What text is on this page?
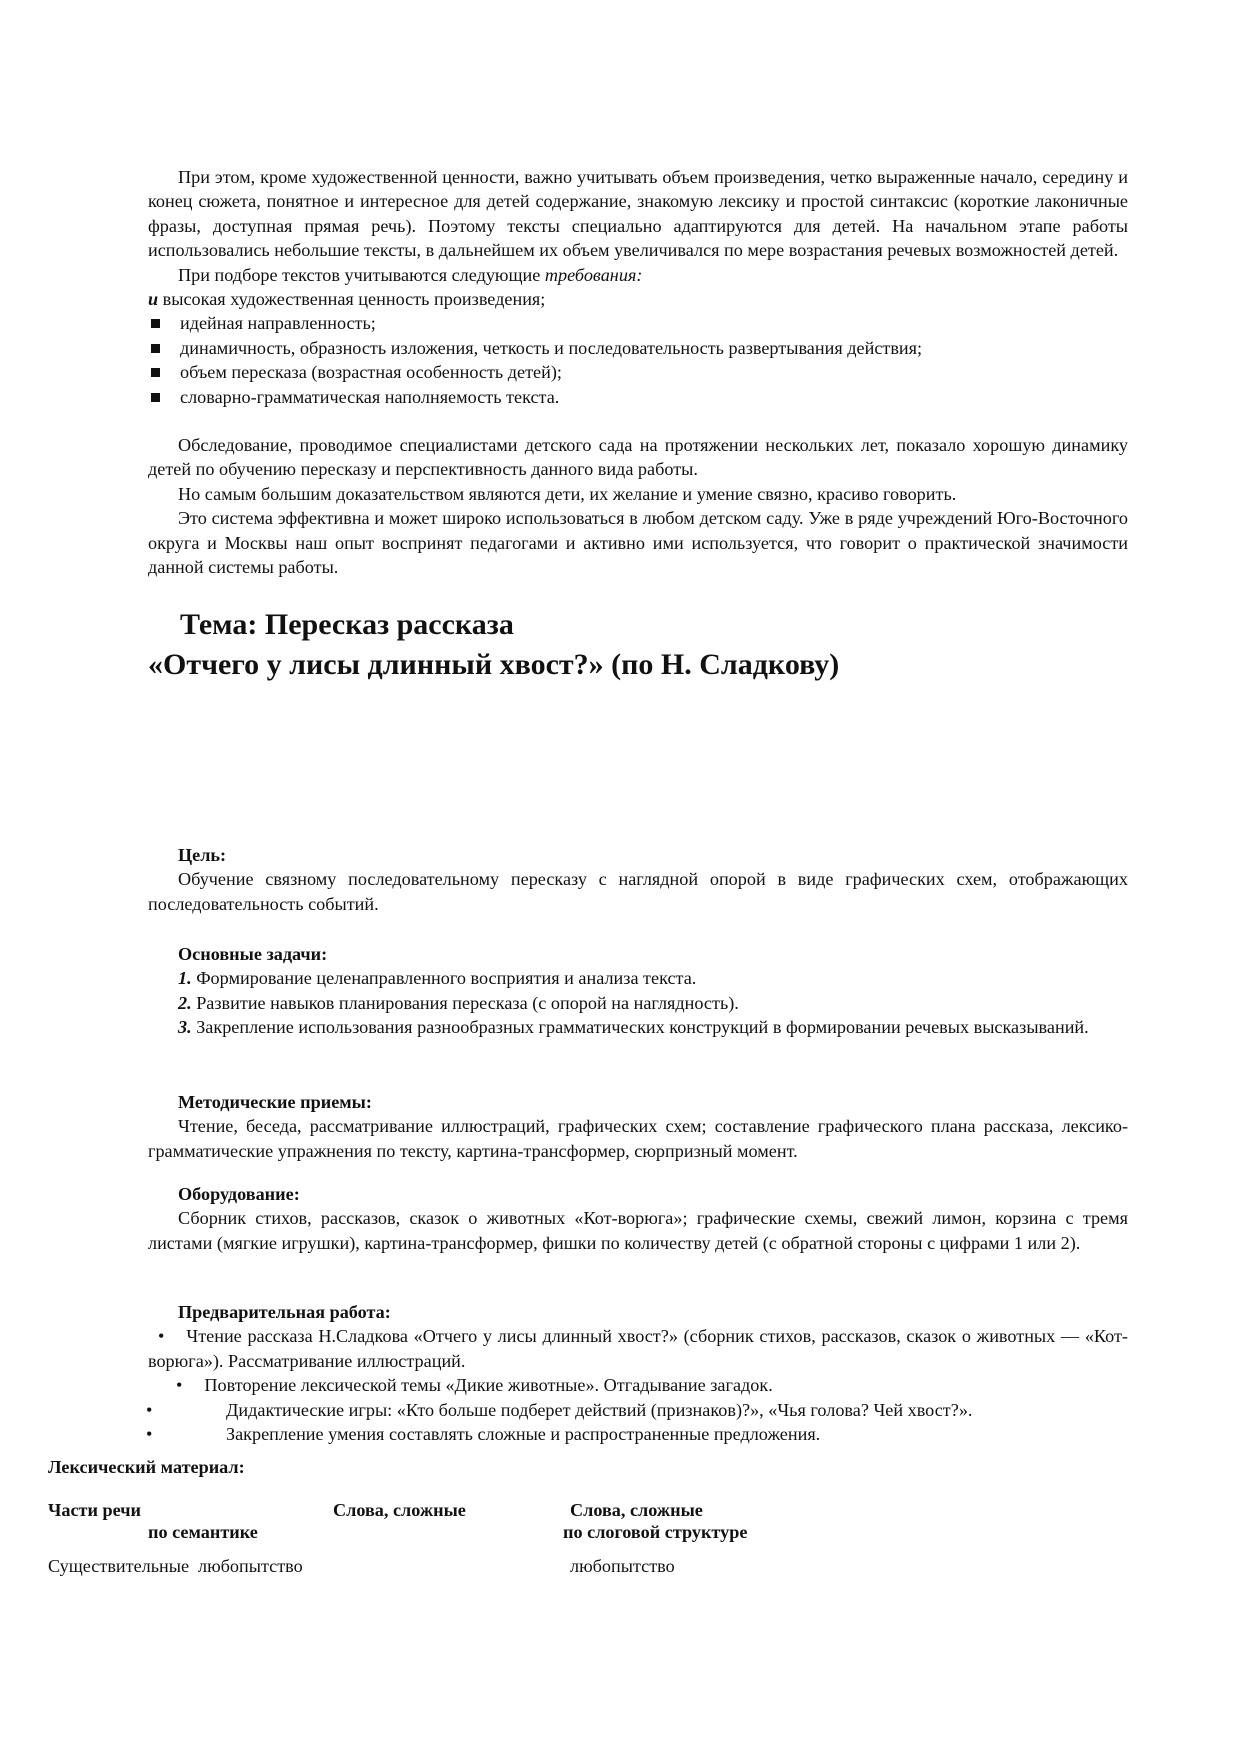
При этом, кроме художественной ценности, важно учитывать объем произведения, четко выраженные начало, середину и конец сюжета, понятное и интересное для детей содержание, знакомую лексику и простой синтаксис (короткие лаконичные фразы, доступная прямая речь). Поэтому тексты специально адаптируются для детей. На начальном этапе работы использовались небольшие тексты, в дальнейшем их объем увеличивался по мере возрастания речевых возможностей детей.

При подборе текстов учитываются следующие требования:

и высокая художественная ценность произведения;

идейная направленность;
динамичность, образность изложения, четкость и последовательность развертывания действия;
объем пересказа (возрастная особенность детей);
словарно-грамматическая наполняемость текста.

Обследование, проводимое специалистами детского сада на протяжении нескольких лет, показало хорошую динамику детей по обучению пересказу и перспективность данного вида работы.

Но самым большим доказательством являются дети, их желание и умение связно, красиво говорить.

Это система эффективна и может широко использоваться в любом детском саду. Уже в ряде учреждений Юго-Восточного округа и Москвы наш опыт воспринят педагогами и активно ими используется, что говорит о практической значимости данной системы работы.

Тема: Пересказ рассказа
«Отчего у лисы длинный хвост?» (по Н. Сладкову)

Цель:

Обучение связному последовательному пересказу с наглядной опорой в виде графических схем, отображающих последовательность событий.

Основные задачи:

1. Формирование целенаправленного восприятия и анализа текста.

2. Развитие навыков планирования пересказа (с опорой на наглядность).

3. Закрепление использования разнообразных грамматических конструкций в формировании речевых высказываний.

Методические приемы:

Чтение, беседа, рассматривание иллюстраций, графических схем; составление графического плана рассказа, лексико-грамматические упражнения по тексту, картина-трансформер, сюрпризный момент.

Оборудование:

Сборник стихов, рассказов, сказок о животных «Кот-ворюга»; графические схемы, свежий лимон, корзина с тремя листами (мягкие игрушки), картина-трансформер, фишки по количеству детей (с обратной стороны с цифрами 1 или 2).

Предварительная работа:

• Чтение рассказа Н.Сладкова «Отчего у лисы длинный хвост?» (сборник стихов, рассказов, сказок о животных — «Кот-ворюга»). Рассматривание иллюстраций.

• Повторение лексической темы «Дикие животные». Отгадывание загадок.

•	Дидактические игры: «Кто больше подберет действий (признаков)?», «Чья голова? Чей хвост?».

•	Закрепление умения составлять сложные и распространенные предложения.

Лексический материал:

Части речи	Слова, сложные	Слова, сложные
по семантике	по слоговой структуре
Существительные любопытство	любопытство
